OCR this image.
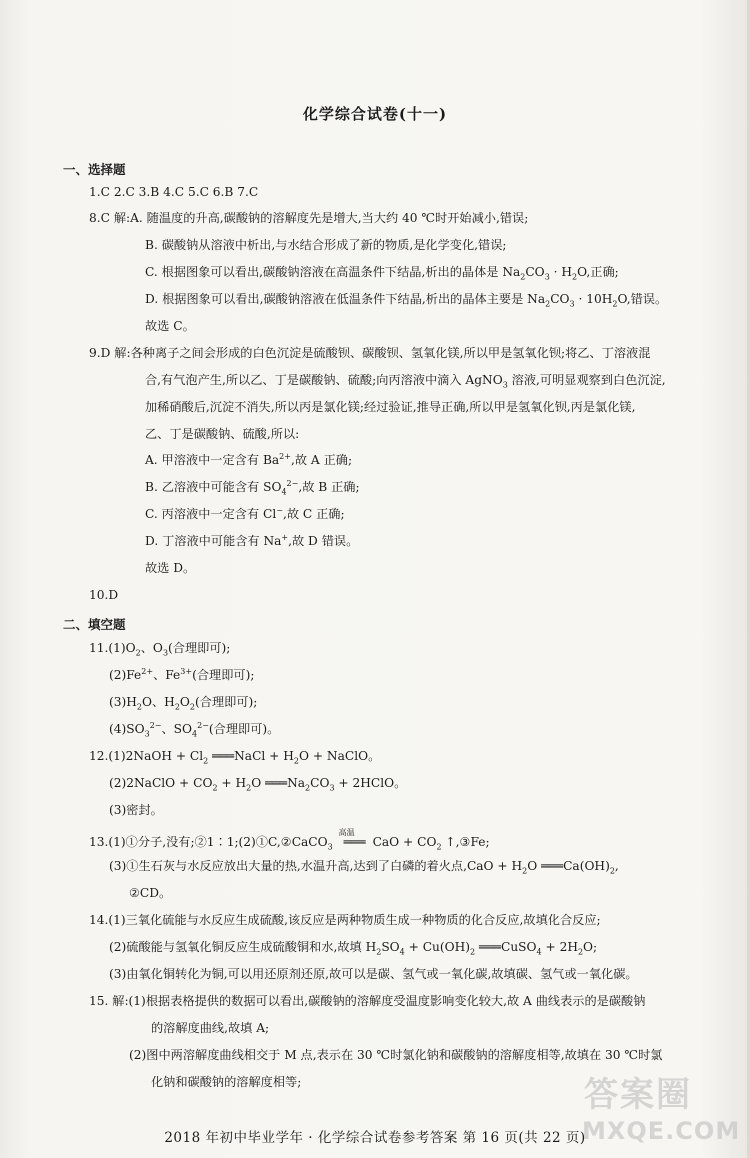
化学综合试卷(十一)
一、选择题
1.C 2.C 3.B 4.C 5.C 6.B 7.C
8.C 解:A. 随温度的升高,碳酸钠的溶解度先是增大,当大约 40 ℃时开始减小,错误;
B. 碳酸钠从溶液中析出,与水结合形成了新的物质,是化学变化,错误;
C. 根据图象可以看出,碳酸钠溶液在高温条件下结晶,析出的晶体是 $Na_2CO_3 \cdot H_2O$,正确;
D. 根据图象可以看出,碳酸钠溶液在低温条件下结晶,析出的晶体主要是 $Na_2CO_3 \cdot 10H_2O$,错误。
故选 C。
9.D 解:各种离子之间会形成的白色沉淀是硫酸钡、碳酸钡、氢氧化镁,所以甲是氢氧化钡;将乙、丁溶液混
合,有气泡产生,所以乙、丁是碳酸钠、硫酸;向丙溶液中滴入 AgNO$_3$ 溶液,可明显观察到白色沉淀,
加稀硝酸后,沉淀不消失,所以丙是氯化镁;经过验证,推导正确,所以甲是氢氧化钡,丙是氯化镁,
乙、丁是碳酸钠、硫酸,所以:
A. 甲溶液中一定含有 $Ba^{2+}$,故 A 正确;
B. 乙溶液中可能含有 $SO_4^{2-}$,故 B 正确;
C. 丙溶液中一定含有 Cl−,故 C 正确;
D. 丁溶液中可能含有 Na+,故 D 错误。
故选 D。
10.D
二、填空题
$11.(1)O_2$、$O_3$(合理即可);
$(2)Fe^{2+}$、$Fe^{3+}$(合理即可);
$(3)H_2O$、$H_2O_2$(合理即可);
$(4)SO_3^{2-}$、$SO_4^{2-}$(合理即可)。
12.(1)2NaOH + $Cl_2$ ═══NaCl + $H_2O$ + NaClO。
(2)2NaClO + $CO_2 + H_2O$ $═══Na_2CO_3$ + 2HClO。
(3)密封。
13.(1)①分子,没有;②1∶1;(2)①C,②CaCO$_3$
高温
═══ CaO + $CO_2$ ↑,③Fe;
(3)①生石灰与水反应放出大量的热,水温升高,达到了白磷的着火点$,CaO + H_2O$ $═══Ca(OH)_2$,
②CD。
14.(1)三氧化硫能与水反应生成硫酸,该反应是两种物质生成一种物质的化合反应,故填化合反应;
(2)硫酸能与氢氧化铜反应生成硫酸铜和水,故填 $H_2SO_4 + Cu(OH)_2$ ═══CuSO$_4$ + $2H_2O$;
(3)由氧化铜转化为铜,可以用还原剂还原,故可以是碳、氢气或一氧化碳,故填碳、氢气或一氧化碳。
15. 解:(1)根据表格提供的数据可以看出,碳酸钠的溶解度受温度影响变化较大,故 A 曲线表示的是碳酸钠
的溶解度曲线,故填 A;
(2)图中两溶解度曲线相交于 M 点,表示在 30 ℃时氯化钠和碳酸钠的溶解度相等,故填在 30 ℃时氯
化钠和碳酸钠的溶解度相等;
2018 年初中毕业学年 · 化学综合试卷参考答案 第 16 页(共 22 页)
答案圈
MXQE.COM
